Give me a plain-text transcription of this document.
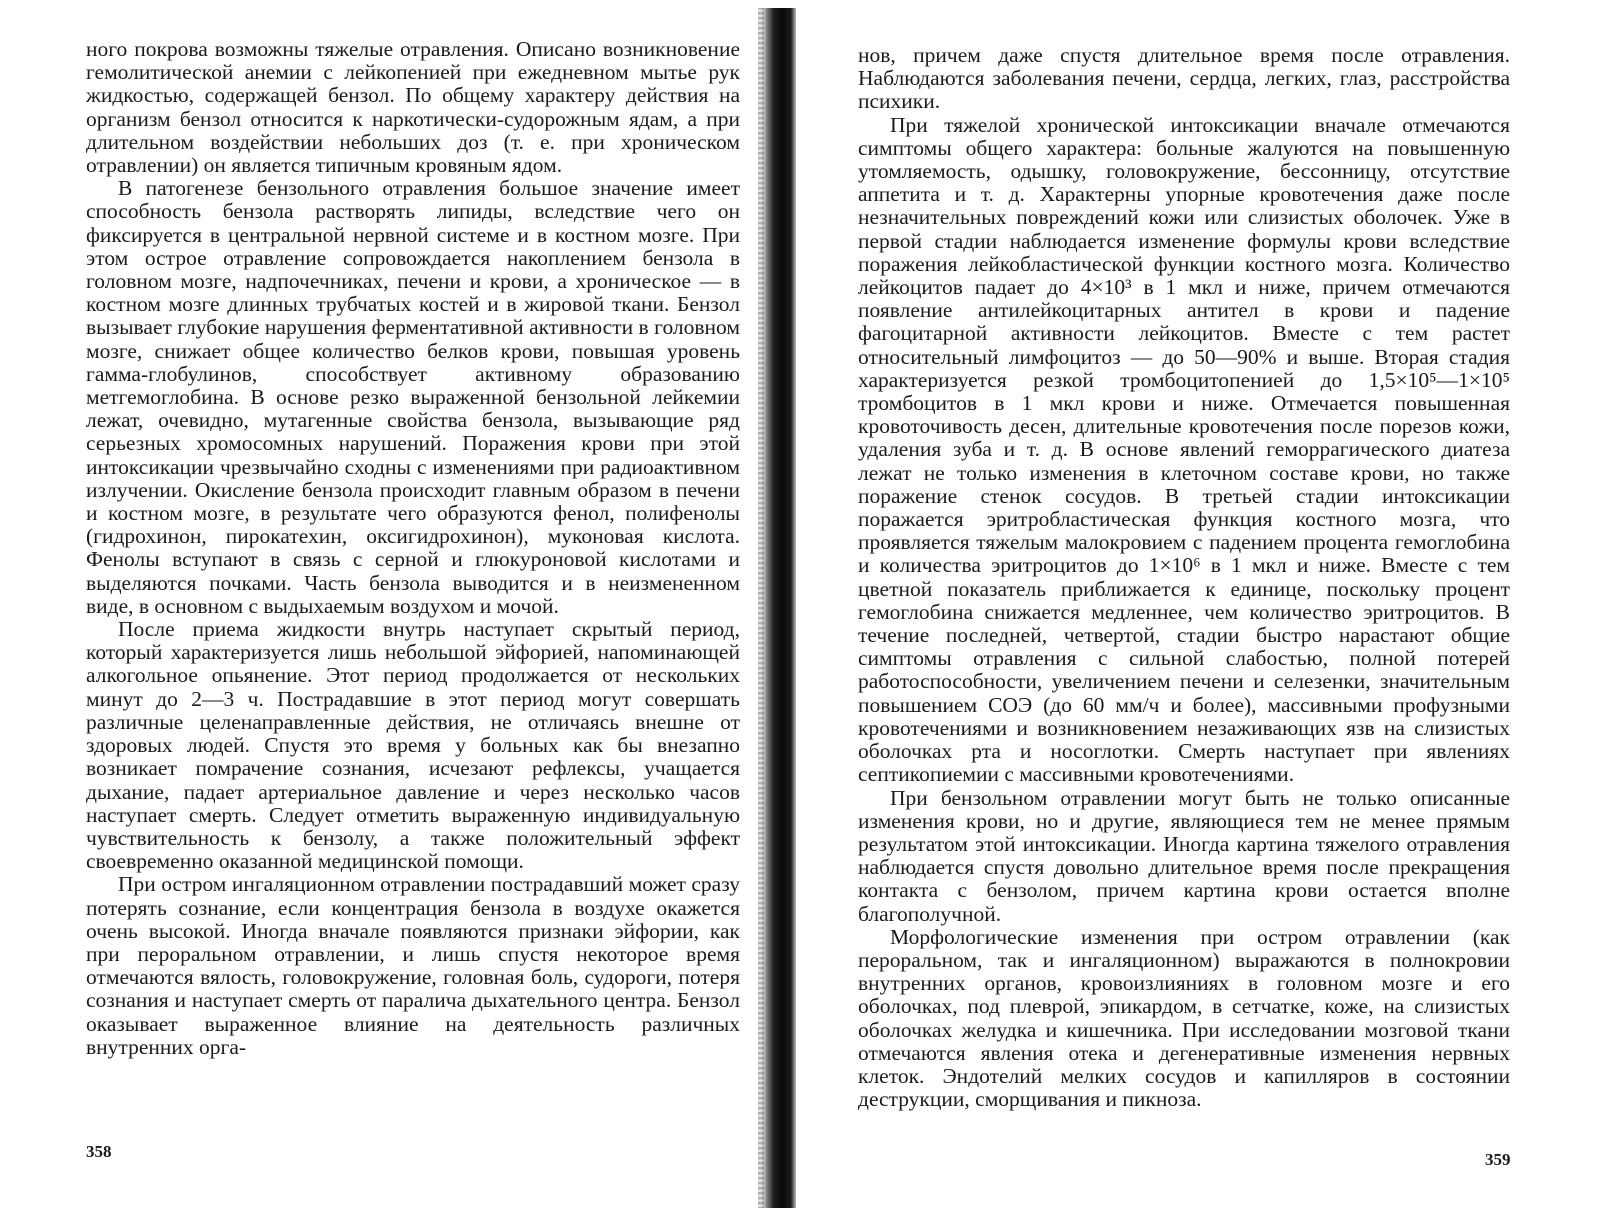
ного покрова возможны тяжелые отравления. Описано возникновение гемолитической анемии с лейкопенией при ежедневном мытье рук жидкостью, содержащей бензол. По общему характеру действия на организм бензол относится к наркотически-судорожным ядам, а при длительном воздействии небольших доз (т. е. при хроническом отравлении) он является типичным кровяным ядом.

В патогенезе бензольного отравления большое значение имеет способность бензола растворять липиды, вследствие чего он фиксируется в центральной нервной системе и в костном мозге. При этом острое отравление сопровождается накоплением бензола в головном мозге, надпочечниках, печени и крови, а хроническое — в костном мозге длинных трубчатых костей и в жировой ткани. Бензол вызывает глубокие нарушения ферментативной активности в головном мозге, снижает общее количество белков крови, повышая уровень гамма-глобулинов, способствует активному образованию метгемоглобина. В основе резко выраженной бензольной лейкемии лежат, очевидно, мутагенные свойства бензола, вызывающие ряд серьезных хромосомных нарушений. Поражения крови при этой интоксикации чрезвычайно сходны с изменениями при радиоактивном излучении. Окисление бензола происходит главным образом в печени и костном мозге, в результате чего образуются фенол, полифенолы (гидрохинон, пирокатехин, оксигидрохинон), муконовая кислота. Фенолы вступают в связь с серной и глюкуроновой кислотами и выделяются почками. Часть бензола выводится и в неизмененном виде, в основном с выдыхаемым воздухом и мочой.

После приема жидкости внутрь наступает скрытый период, который характеризуется лишь небольшой эйфорией, напоминающей алкогольное опьянение. Этот период продолжается от нескольких минут до 2—3 ч. Пострадавшие в этот период могут совершать различные целенаправленные действия, не отличаясь внешне от здоровых людей. Спустя это время у больных как бы внезапно возникает помрачение сознания, исчезают рефлексы, учащается дыхание, падает артериальное давление и через несколько часов наступает смерть. Следует отметить выраженную индивидуальную чувствительность к бензолу, а также положительный эффект своевременно оказанной медицинской помощи.

При остром ингаляционном отравлении пострадавший может сразу потерять сознание, если концентрация бензола в воздухе окажется очень высокой. Иногда вначале появляются признаки эйфории, как при пероральном отравлении, и лишь спустя некоторое время отмечаются вялость, головокружение, головная боль, судороги, потеря сознания и наступает смерть от паралича дыхательного центра. Бензол оказывает выраженное влияние на деятельность различных внутренних орга-

358

нов, причем даже спустя длительное время после отравления. Наблюдаются заболевания печени, сердца, легких, глаз, расстройства психики.

При тяжелой хронической интоксикации вначале отмечаются симптомы общего характера: больные жалуются на повышенную утомляемость, одышку, головокружение, бессонницу, отсутствие аппетита и т. д. Характерны упорные кровотечения даже после незначительных повреждений кожи или слизистых оболочек. Уже в первой стадии наблюдается изменение формулы крови вследствие поражения лейкобластической функции костного мозга. Количество лейкоцитов падает до 4×10³ в 1 мкл и ниже, причем отмечаются появление антилейкоцитарных антител в крови и падение фагоцитарной активности лейкоцитов. Вместе с тем растет относительный лимфоцитоз — до 50—90% и выше. Вторая стадия характеризуется резкой тромбоцитопенией до 1,5×10⁵—1×10⁵ тромбоцитов в 1 мкл крови и ниже. Отмечается повышенная кровоточивость десен, длительные кровотечения после порезов кожи, удаления зуба и т. д. В основе явлений геморрагического диатеза лежат не только изменения в клеточном составе крови, но также поражение стенок сосудов. В третьей стадии интоксикации поражается эритробластическая функция костного мозга, что проявляется тяжелым малокровием с падением процента гемоглобина и количества эритроцитов до 1×10⁶ в 1 мкл и ниже. Вместе с тем цветной показатель приближается к единице, поскольку процент гемоглобина снижается медленнее, чем количество эритроцитов. В течение последней, четвертой, стадии быстро нарастают общие симптомы отравления с сильной слабостью, полной потерей работоспособности, увеличением печени и селезенки, значительным повышением СОЭ (до 60 мм/ч и более), массивными профузными кровотечениями и возникновением незаживающих язв на слизистых оболочках рта и носоглотки. Смерть наступает при явлениях септикопиемии с массивными кровотечениями.

При бензольном отравлении могут быть не только описанные изменения крови, но и другие, являющиеся тем не менее прямым результатом этой интоксикации. Иногда картина тяжелого отравления наблюдается спустя довольно длительное время после прекращения контакта с бензолом, причем картина крови остается вполне благополучной.

Морфологические изменения при остром отравлении (как пероральном, так и ингаляционном) выражаются в полнокровии внутренних органов, кровоизлияниях в головном мозге и его оболочках, под плеврой, эпикардом, в сетчатке, коже, на слизистых оболочках желудка и кишечника. При исследовании мозговой ткани отмечаются явления отека и дегенеративные изменения нервных клеток. Эндотелий мелких сосудов и капилляров в состоянии деструкции, сморщивания и пикноза.

359
